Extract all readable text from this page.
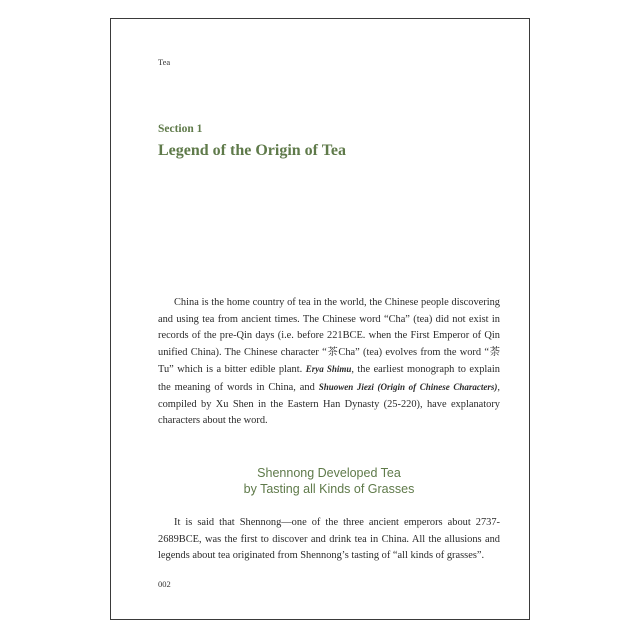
Tea
Section 1
Legend of the Origin of Tea

China is the home country of tea in the world, the Chinese people discovering and using tea from ancient times. The Chinese word “Cha” (tea) did not exist in records of the pre-Qin days (i.e. before 221BCE. when the First Emperor of Qin unified China). The Chinese character “茶Cha” (tea) evolves from the word “荼Tu” which is a bitter edible plant. Erya Shimu, the earliest monograph to explain the meaning of words in China, and Shuowen Jiezi (Origin of Chinese Characters), compiled by Xu Shen in the Eastern Han Dynasty (25-220), have explanatory characters about the word.

Shennong Developed Tea
by Tasting all Kinds of Grasses

It is said that Shennong—one of the three ancient emperors about 2737-2689BCE, was the first to discover and drink tea in China. All the allusions and legends about tea originated from Shennong’s tasting of “all kinds of grasses”.

002
